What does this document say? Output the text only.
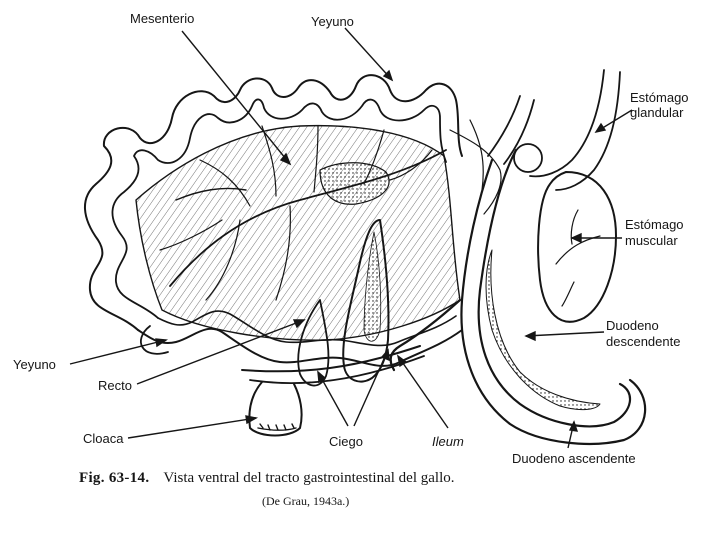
Mesenterio	Yeyuno
Estómago
glandular
Estómago
muscular
Duodeno
descendente
Yeyuno
Recto
Cloaca	Ciego	Ileum
Duodeno ascendente
Fig. 63-14. Vista ventral del tracto gastrointestinal del gallo.
(De Grau, 1943a.)
